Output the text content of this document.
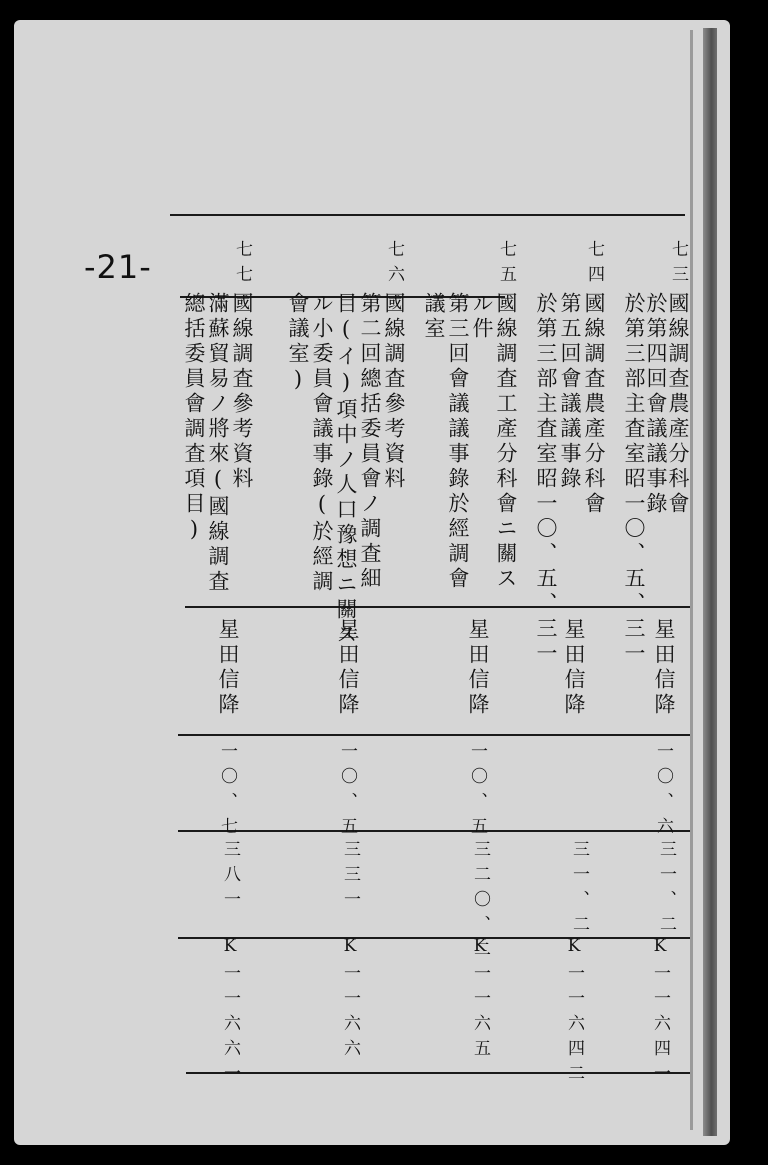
-21-	七三
國線調查農產分科會
於第四回會議議事錄
於第三部主査室昭一〇、五、三一
星田信降
一〇、六
三一、二
K一一六四一
七四
國線調査農產分科會
第五回會議議事錄
於第三部主査室昭一〇、五、三一
星田信降
三一、二
K一一六四二
七五
國線調査工產分科會ニ關ス
ル件
第三回會議議事錄於經調會
議室
星田信降
一〇、五
三二〇、二
K一一六五
七六
國線調査參考資料
第二回總括委員會ノ調査細
目(イ)項中ノ人口豫想ニ關ス
ル小委員會議事錄(於經調
會議室)
星田信降
一〇、五
三三一
K一一六六
七七
國線調査參考資料
滿蘇貿易ノ將來(國線調査
總括委員會調査項目)
星田信降
一〇、七
三八一
K一一六六一
